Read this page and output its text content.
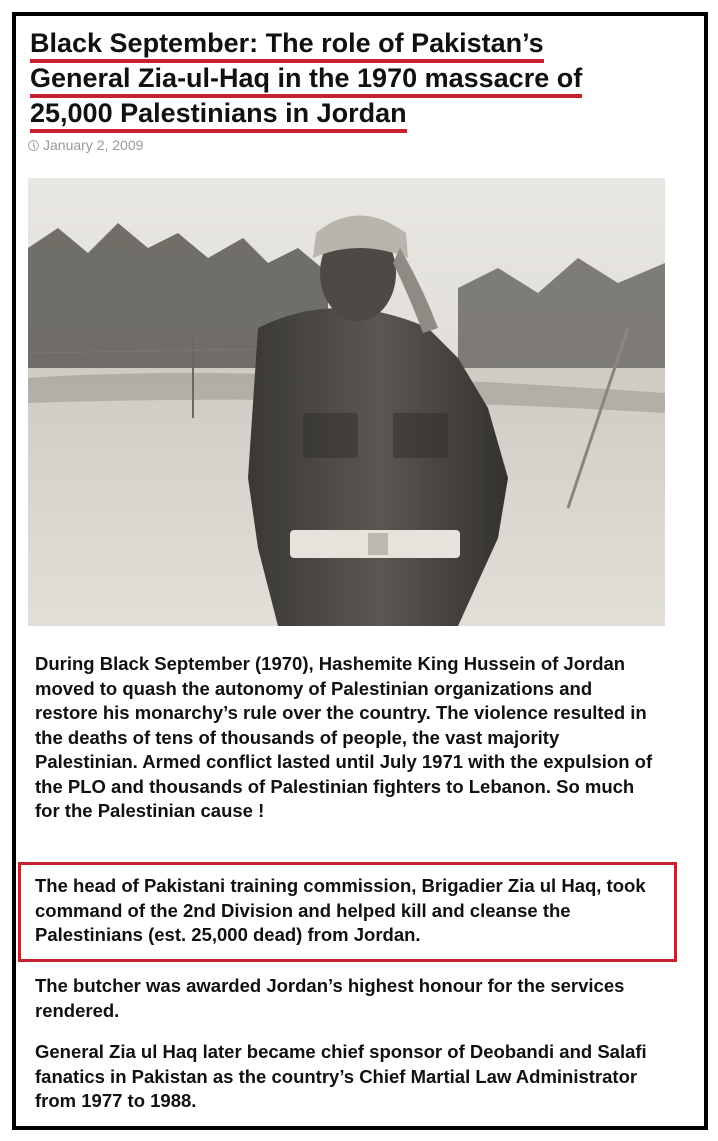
Black September: The role of Pakistan’s
General Zia-ul-Haq in the 1970 massacre of
25,000 Palestinians in Jordan
January 2, 2009

During Black September (1970), Hashemite King Hussein of Jordan moved to quash the autonomy of Palestinian organizations and restore his monarchy’s rule over the country. The violence resulted in the deaths of tens of thousands of people, the vast majority Palestinian. Armed conflict lasted until July 1971 with the expulsion of the PLO and thousands of Palestinian fighters to Lebanon. So much for the Palestinian cause !

The head of Pakistani training commission, Brigadier Zia ul Haq, took command of the 2nd Division and helped kill and cleanse the Palestinians (est. 25,000 dead) from Jordan.

The butcher was awarded Jordan’s highest honour for the services rendered.

General Zia ul Haq later became chief sponsor of Deobandi and Salafi fanatics in Pakistan as the country’s Chief Martial Law Administrator from 1977 to 1988.
